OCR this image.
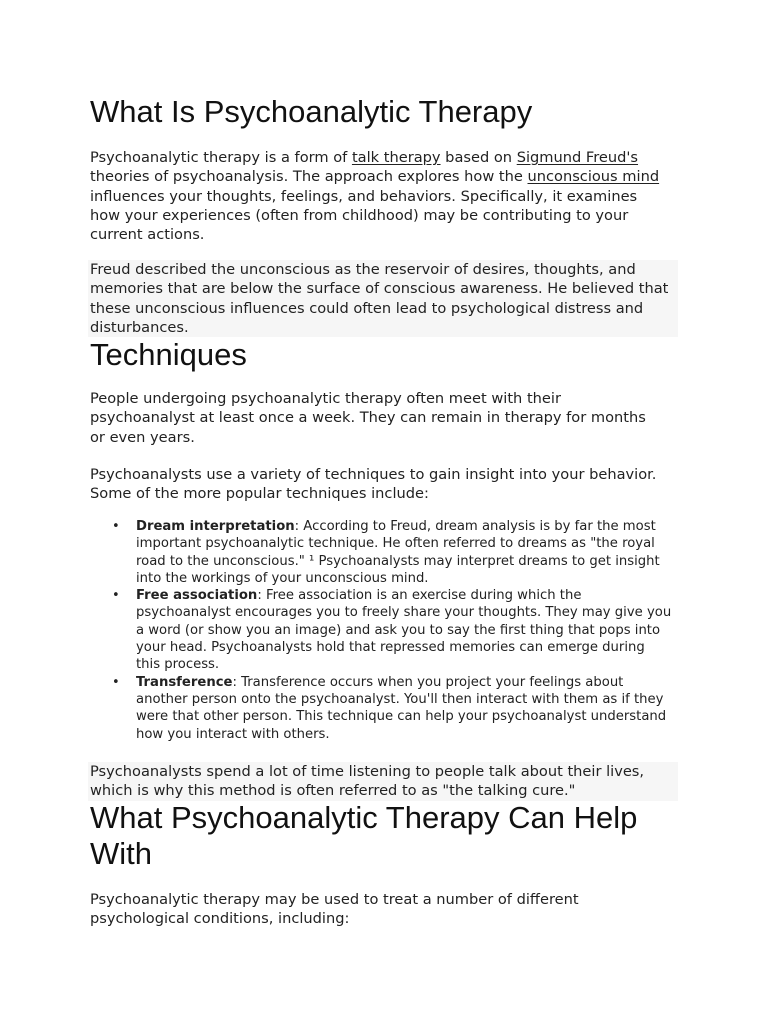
What Is Psychoanalytic Therapy

Psychoanalytic therapy is a form of talk therapy based on Sigmund Freud's theories of psychoanalysis. The approach explores how the unconscious mind influences your thoughts, feelings, and behaviors. Specifically, it examines how your experiences (often from childhood) may be contributing to your current actions.

Freud described the unconscious as the reservoir of desires, thoughts, and memories that are below the surface of conscious awareness. He believed that these unconscious influences could often lead to psychological distress and disturbances.

Techniques

People undergoing psychoanalytic therapy often meet with their psychoanalyst at least once a week. They can remain in therapy for months or even years.

Psychoanalysts use a variety of techniques to gain insight into your behavior. Some of the more popular techniques include:

• Dream interpretation: According to Freud, dream analysis is by far the most important psychoanalytic technique. He often referred to dreams as "the royal road to the unconscious." ¹ Psychoanalysts may interpret dreams to get insight into the workings of your unconscious mind.
• Free association: Free association is an exercise during which the psychoanalyst encourages you to freely share your thoughts. They may give you a word (or show you an image) and ask you to say the first thing that pops into your head. Psychoanalysts hold that repressed memories can emerge during this process.
• Transference: Transference occurs when you project your feelings about another person onto the psychoanalyst. You'll then interact with them as if they were that other person. This technique can help your psychoanalyst understand how you interact with others.

Psychoanalysts spend a lot of time listening to people talk about their lives, which is why this method is often referred to as "the talking cure."

What Psychoanalytic Therapy Can Help With

Psychoanalytic therapy may be used to treat a number of different psychological conditions, including:
